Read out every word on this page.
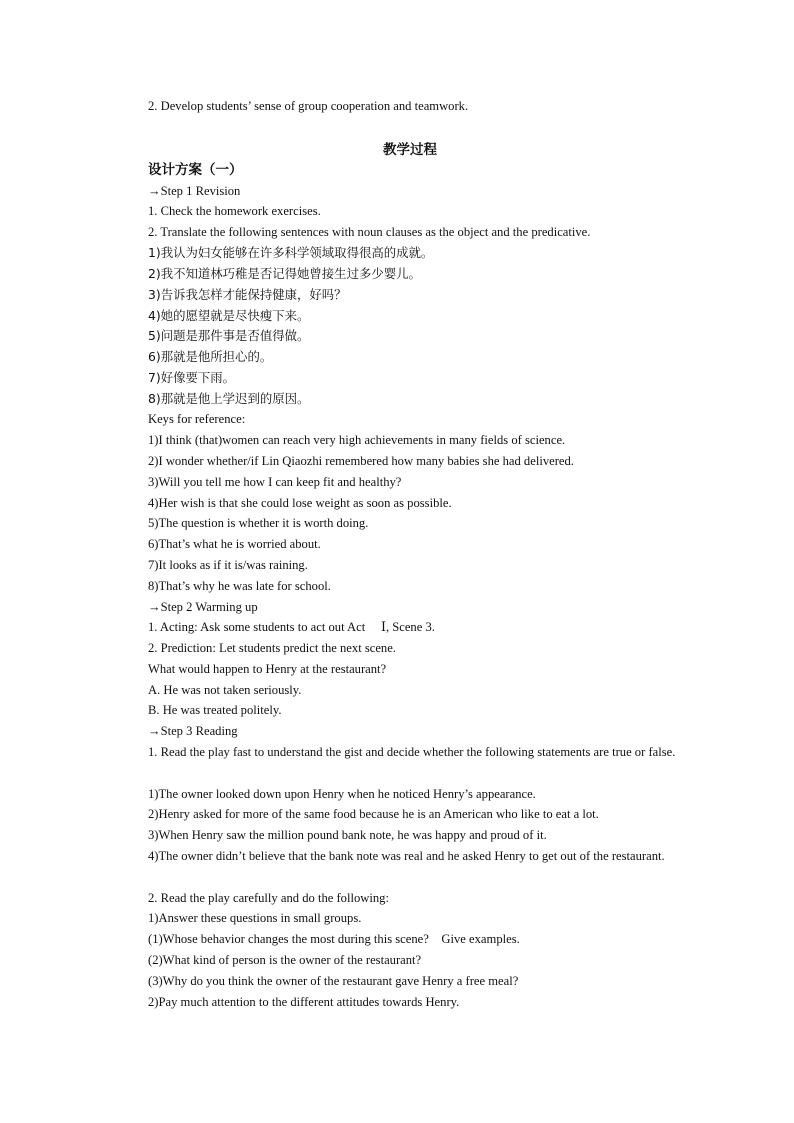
2. Develop students’ sense of group cooperation and teamwork.
教学过程
设计方案（一）
→Step 1 Revision
1. Check the homework exercises.
2. Translate the following sentences with noun clauses as the object and the predicative.
1)我认为妇女能够在许多科学领域取得很高的成就。
2)我不知道林巧稚是否记得她曾接生过多少婴儿。
3)告诉我怎样才能保持健康，好吗？
4)她的愿望就是尽快瘦下来。
5)问题是那件事是否值得做。
6)那就是他所担心的。
7)好像要下雨。
8)那就是他上学迟到的原因。
Keys for reference:
1)I think (that)women can reach very high achievements in many fields of science.
2)I wonder whether/if Lin Qiaozhi remembered how many babies she had delivered.
3)Will you tell me how I can keep fit and healthy?
4)Her wish is that she could lose weight as soon as possible.
5)The question is whether it is worth doing.
6)That’s what he is worried about.
7)It looks as if it is/was raining.
8)That’s why he was late for school.
→Step 2 Warming up
1. Acting: Ask some students to act out Act　 Ⅰ, Scene 3.
2. Prediction: Let students predict the next scene.
What would happen to Henry at the restaurant?
A. He was not taken seriously.
B. He was treated politely.
→Step 3 Reading
1. Read the play fast to understand the gist and decide whether the following statements are true or false.
1)The owner looked down upon Henry when he noticed Henry’s appearance.
2)Henry asked for more of the same food because he is an American who like to eat a lot.
3)When Henry saw the million pound bank note, he was happy and proud of it.
4)The owner didn’t believe that the bank note was real and he asked Henry to get out of the restaurant.
2. Read the play carefully and do the following:
1)Answer these questions in small groups.
(1)Whose behavior changes the most during this scene?　Give examples.
(2)What kind of person is the owner of the restaurant?
(3)Why do you think the owner of the restaurant gave Henry a free meal?
2)Pay much attention to the different attitudes towards Henry.
